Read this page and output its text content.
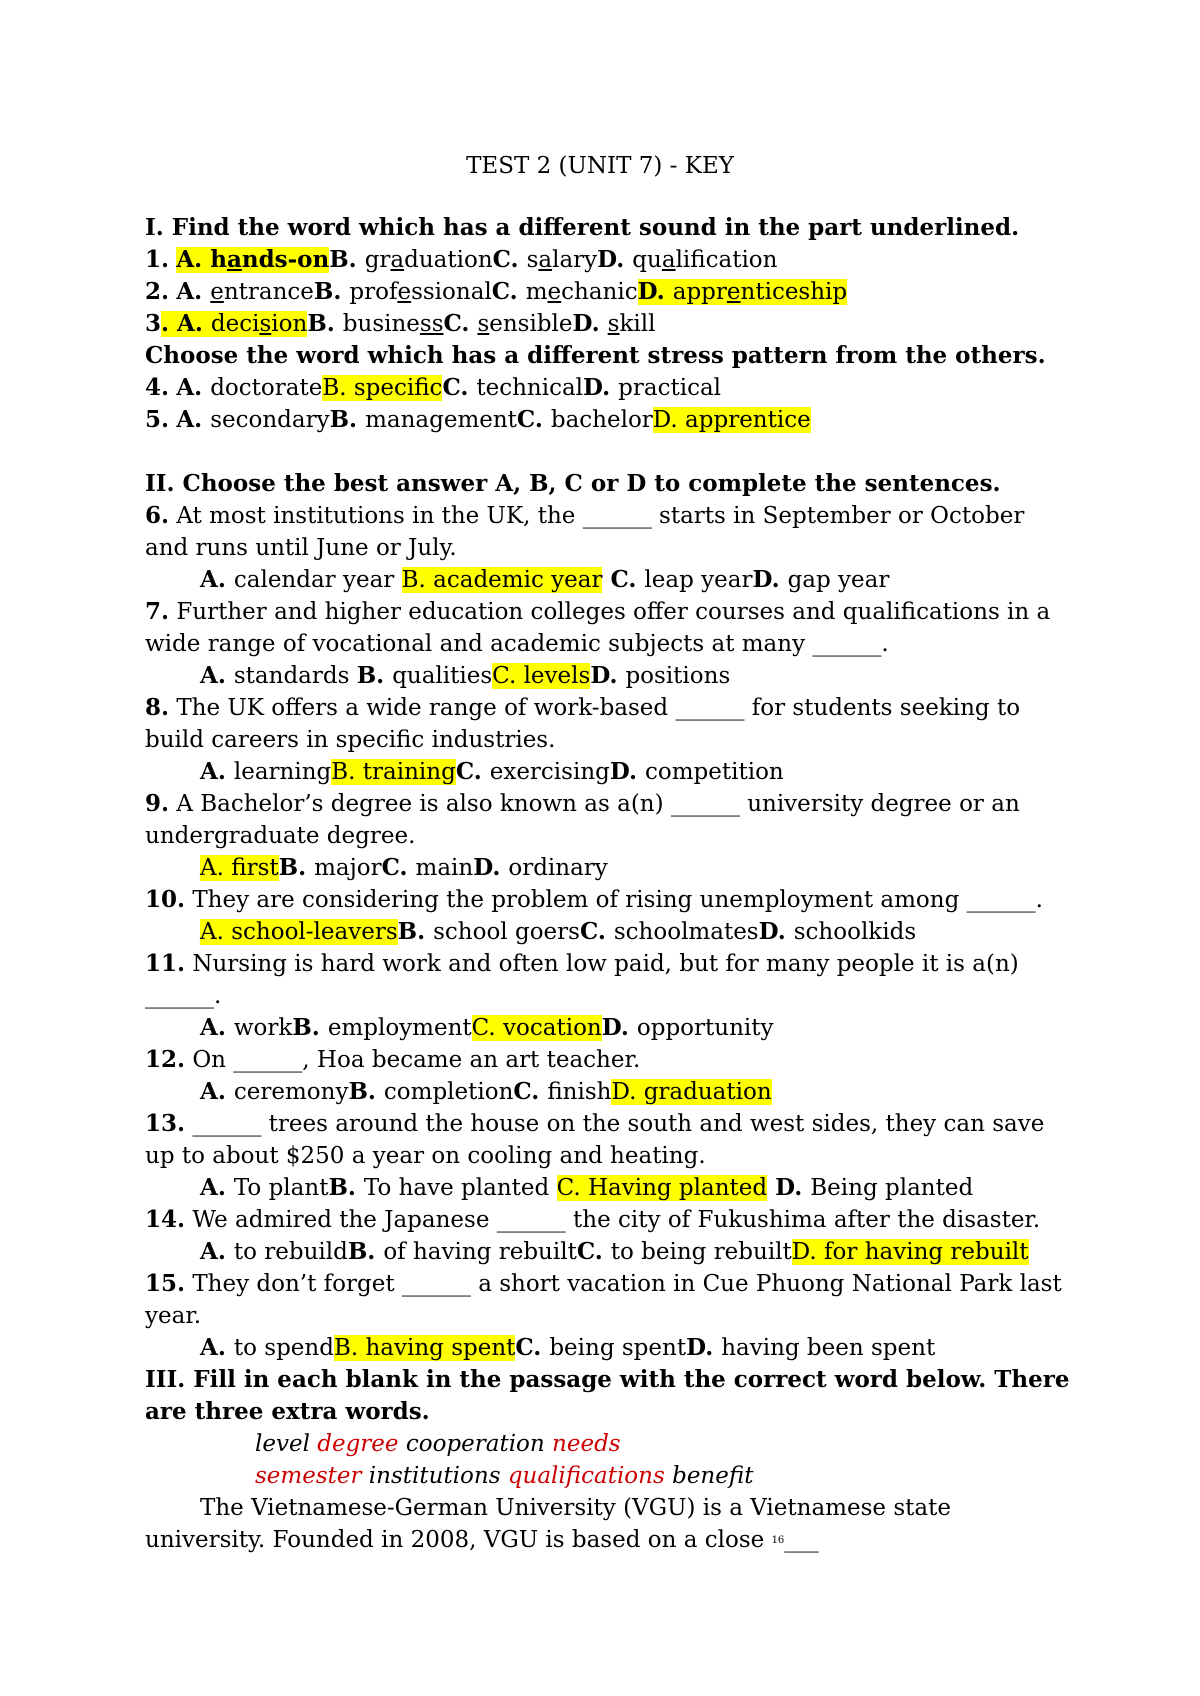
TEST 2 (UNIT 7) - KEY
I. Find the word which has a different sound in the part underlined.
1. A. hands-onB. graduationC. salaryD. qualification
2. A. entranceB. professionalC. mechanicD. apprenticeship
3. A. decisionB. businessC. sensibleD. skill
Choose the word which has a different stress pattern from the others.
4. A. doctorateB. specificC. technicalD. practical
5. A. secondaryB. managementC. bachelorD. apprentice
II. Choose the best answer A, B, C or D to complete the sentences.
6. At most institutions in the UK, the ______ starts in September or October
and runs until June or July.
A. calendar year B. academic year C. leap yearD. gap year
7. Further and higher education colleges offer courses and qualifications in a
wide range of vocational and academic subjects at many ______.
A. standards B. qualitiesC. levelsD. positions
8. The UK offers a wide range of work-based ______ for students seeking to
build careers in specific industries.
A. learningB. trainingC. exercisingD. competition
9. A Bachelor’s degree is also known as a(n) ______ university degree or an
undergraduate degree.
A. firstB. majorC. mainD. ordinary
10. They are considering the problem of rising unemployment among ______.
A. school-leaversB. school goersC. schoolmatesD. schoolkids
11. Nursing is hard work and often low paid, but for many people it is a(n)
______.
A. workB. employmentC. vocationD. opportunity
12. On ______, Hoa became an art teacher.
A. ceremonyB. completionC. finishD. graduation
13. ______ trees around the house on the south and west sides, they can save
up to about $250 a year on cooling and heating.
A. To plantB. To have planted C. Having planted D. Being planted
14. We admired the Japanese ______ the city of Fukushima after the disaster.
A. to rebuildB. of having rebuiltC. to being rebuiltD. for having rebuilt
15. They don’t forget ______ a short vacation in Cue Phuong National Park last
year.
A. to spendB. having spentC. being spentD. having been spent
III. Fill in each blank in the passage with the correct word below. There
are three extra words.
level degree cooperation needs
semester institutions qualifications benefit
The Vietnamese-German University (VGU) is a Vietnamese state
university. Founded in 2008, VGU is based on a close 16___
